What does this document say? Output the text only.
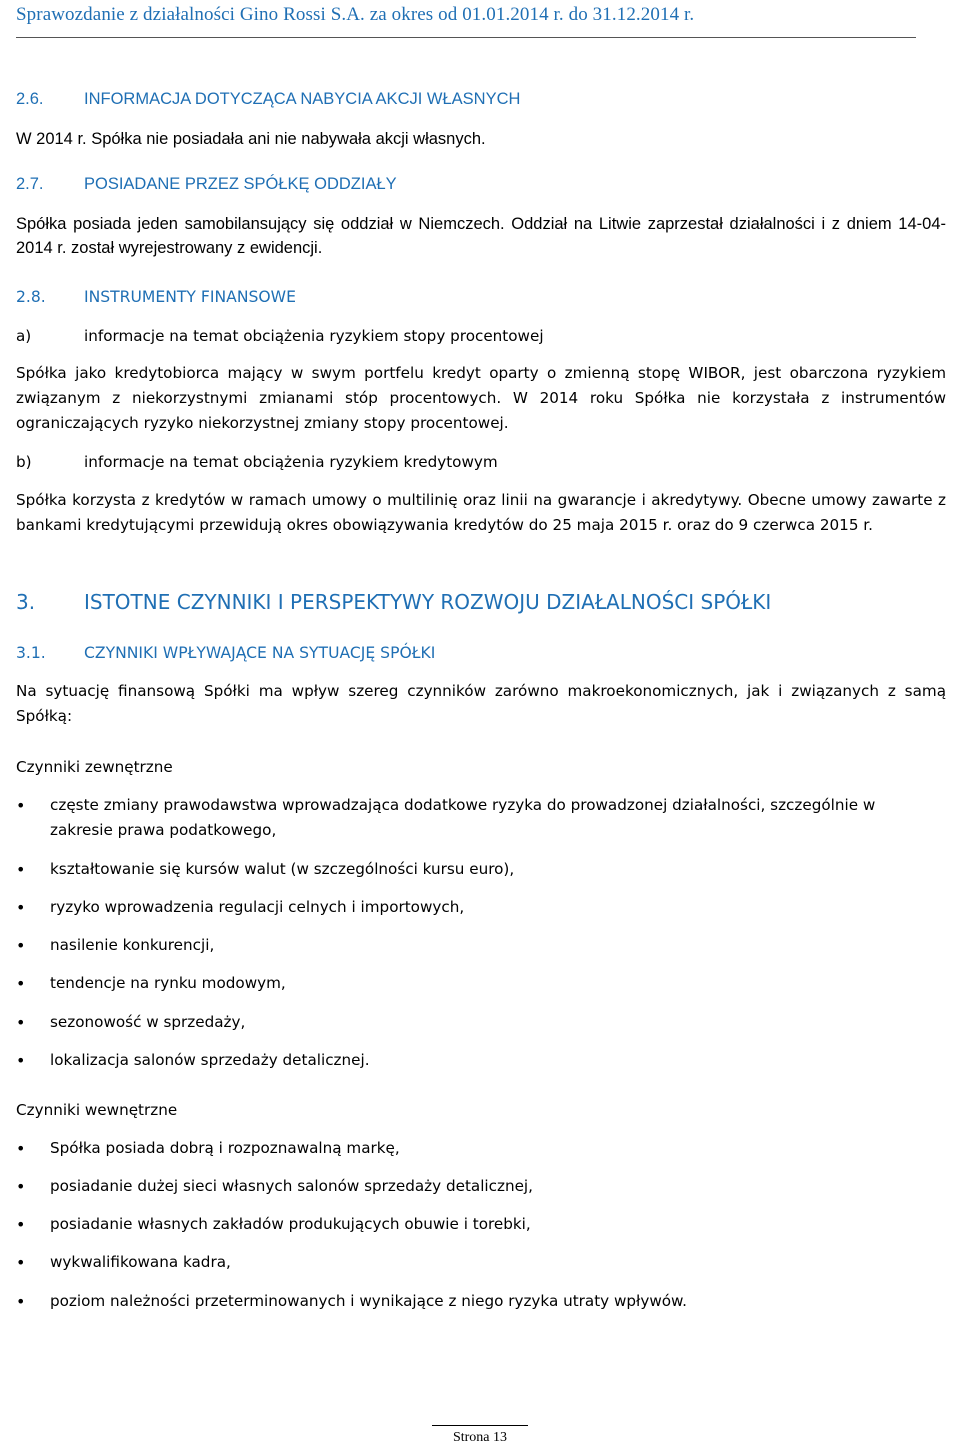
Sprawozdanie z działalności Gino Rossi S.A. za okres od 01.01.2014 r. do 31.12.2014 r.
2.6. INFORMACJA DOTYCZĄCA NABYCIA AKCJI WŁASNYCH
W 2014 r. Spółka nie posiadała ani nie nabywała akcji własnych.
2.7. POSIADANE PRZEZ SPÓŁKĘ ODDZIAŁY
Spółka posiada jeden samobilansujący się oddział w Niemczech. Oddział na Litwie zaprzestał działalności i z dniem 14-04-2014 r. został wyrejestrowany z ewidencji.
2.8. INSTRUMENTY FINANSOWE
a)	informacje na temat obciążenia ryzykiem stopy procentowej
Spółka jako kredytobiorca mający w swym portfelu kredyt oparty o zmienną stopę WIBOR, jest obarczona ryzykiem związanym z niekorzystnymi zmianami stóp procentowych. W 2014 roku Spółka nie korzystała z instrumentów ograniczających ryzyko niekorzystnej zmiany stopy procentowej.
b)	informacje na temat obciążenia ryzykiem kredytowym
Spółka korzysta z kredytów w ramach umowy o multilinię oraz linii na gwarancje i akredytywy. Obecne umowy zawarte z bankami kredytującymi przewidują okres obowiązywania kredytów do 25 maja 2015 r. oraz do 9 czerwca 2015 r.
3. ISTOTNE CZYNNIKI I PERSPEKTYWY ROZWOJU DZIAŁALNOŚCI SPÓŁKI
3.1. CZYNNIKI WPŁYWAJĄCE NA SYTUACJĘ SPÓŁKI
Na sytuację finansową Spółki ma wpływ szereg czynników zarówno makroekonomicznych, jak i związanych z samą Spółką:
Czynniki zewnętrzne
•	częste zmiany prawodawstwa wprowadzająca dodatkowe ryzyka do prowadzonej działalności, szczególnie w zakresie prawa podatkowego,
•	kształtowanie się kursów walut (w szczególności kursu euro),
•	ryzyko wprowadzenia regulacji celnych i importowych,
•	nasilenie konkurencji,
•	tendencje na rynku modowym,
•	sezonowość w sprzedaży,
•	lokalizacja salonów sprzedaży detalicznej.
Czynniki wewnętrzne
•	Spółka posiada dobrą i rozpoznawalną markę,
•	posiadanie dużej sieci własnych salonów sprzedaży detalicznej,
•	posiadanie własnych zakładów produkujących obuwie i torebki,
•	wykwalifikowana kadra,
•	poziom należności przeterminowanych i wynikające z niego ryzyka utraty wpływów.
Strona 13
